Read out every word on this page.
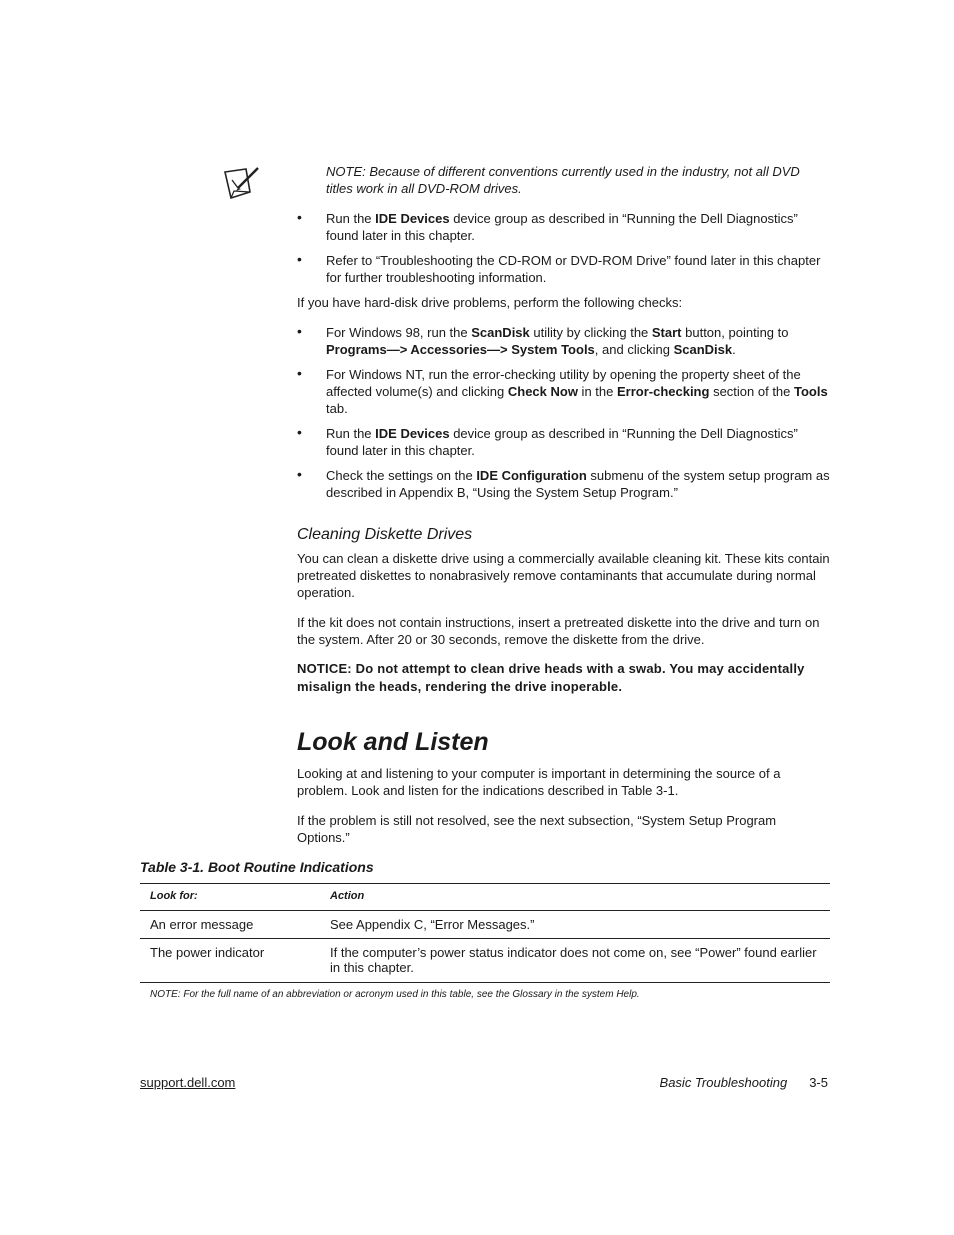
NOTE: Because of different conventions currently used in the industry, not all DVD titles work in all DVD-ROM drives.
• Run the IDE Devices device group as described in “Running the Dell Diagnostics” found later in this chapter.
• Refer to “Troubleshooting the CD-ROM or DVD-ROM Drive” found later in this chapter for further troubleshooting information.
If you have hard-disk drive problems, perform the following checks:
• For Windows 98, run the ScanDisk utility by clicking the Start button, pointing to Programs—> Accessories—> System Tools, and clicking ScanDisk.
• For Windows NT, run the error-checking utility by opening the property sheet of the affected volume(s) and clicking Check Now in the Error-checking section of the Tools tab.
• Run the IDE Devices device group as described in “Running the Dell Diagnostics” found later in this chapter.
• Check the settings on the IDE Configuration submenu of the system setup program as described in Appendix B, “Using the System Setup Program.”
Cleaning Diskette Drives
You can clean a diskette drive using a commercially available cleaning kit. These kits contain pretreated diskettes to nonabrasively remove contaminants that accumulate during normal operation.
If the kit does not contain instructions, insert a pretreated diskette into the drive and turn on the system. After 20 or 30 seconds, remove the diskette from the drive.
NOTICE: Do not attempt to clean drive heads with a swab. You may accidentally misalign the heads, rendering the drive inoperable.
Look and Listen
Looking at and listening to your computer is important in determining the source of a problem. Look and listen for the indications described in Table 3-1.
If the problem is still not resolved, see the next subsection, “System Setup Program Options.”
Table 3-1. Boot Routine Indications
Look for:	Action
An error message	See Appendix C, “Error Messages.”
The power indicator	If the computer’s power status indicator does not come on, see “Power” found earlier in this chapter.
NOTE: For the full name of an abbreviation or acronym used in this table, see the Glossary in the system Help.
support.dell.com	Basic Troubleshooting 3-5
